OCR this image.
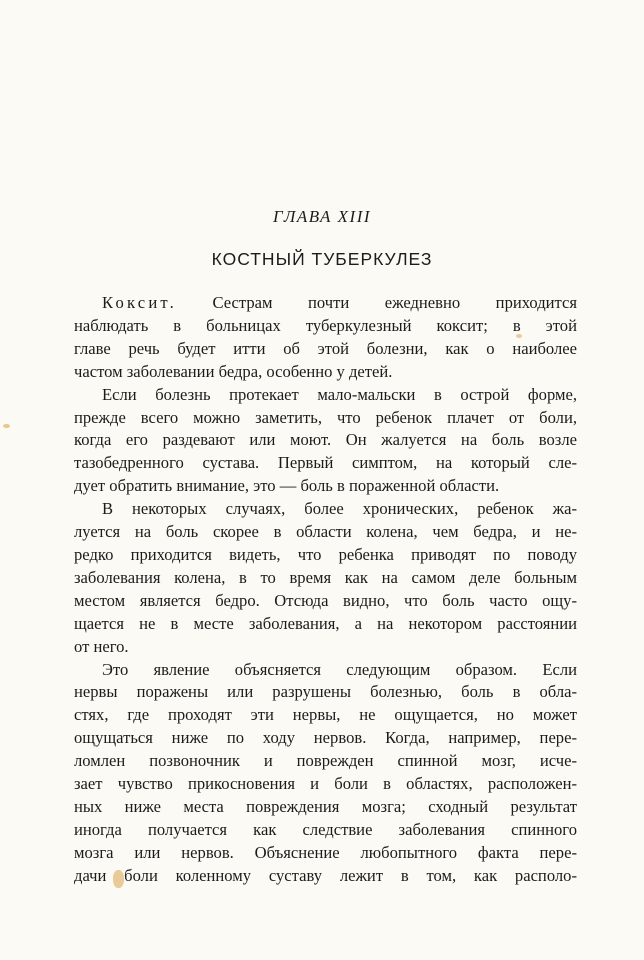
ГЛАВА XIII
КОСТНЫЙ ТУБЕРКУЛЕЗ
Коксит. Сестрам почти ежедневно приходится
наблюдать в больницах туберкулезный коксит; в этой
главе речь будет итти об этой болезни, как о наиболее
частом заболевании бедра, особенно у детей.
Если болезнь протекает мало-мальски в острой форме,
прежде всего можно заметить, что ребенок плачет от боли,
когда его раздевают или моют. Он жалуется на боль возле
тазобедренного сустава. Первый симптом, на который сле-
дует обратить внимание, это — боль в пораженной области.
В некоторых случаях, более хронических, ребенок жа-
луется на боль скорее в области колена, чем бедра, и не-
редко приходится видеть, что ребенка приводят по поводу
заболевания колена, в то время как на самом деле больным
местом является бедро. Отсюда видно, что боль часто ощу-
щается не в месте заболевания, а на некотором расстоянии
от него.
Это явление объясняется следующим образом. Если
нервы поражены или разрушены болезнью, боль в обла-
стях, где проходят эти нервы, не ощущается, но может
ощущаться ниже по ходу нервов. Когда, например, пере-
ломлен позвоночник и поврежден спинной мозг, исче-
зает чувство прикосновения и боли в областях, расположен-
ных ниже места повреждения мозга; сходный результат
иногда получается как следствие заболевания спинного
мозга или нервов. Объяснение любопытного факта пере-
дачи боли коленному суставу лежит в том, как располо-
